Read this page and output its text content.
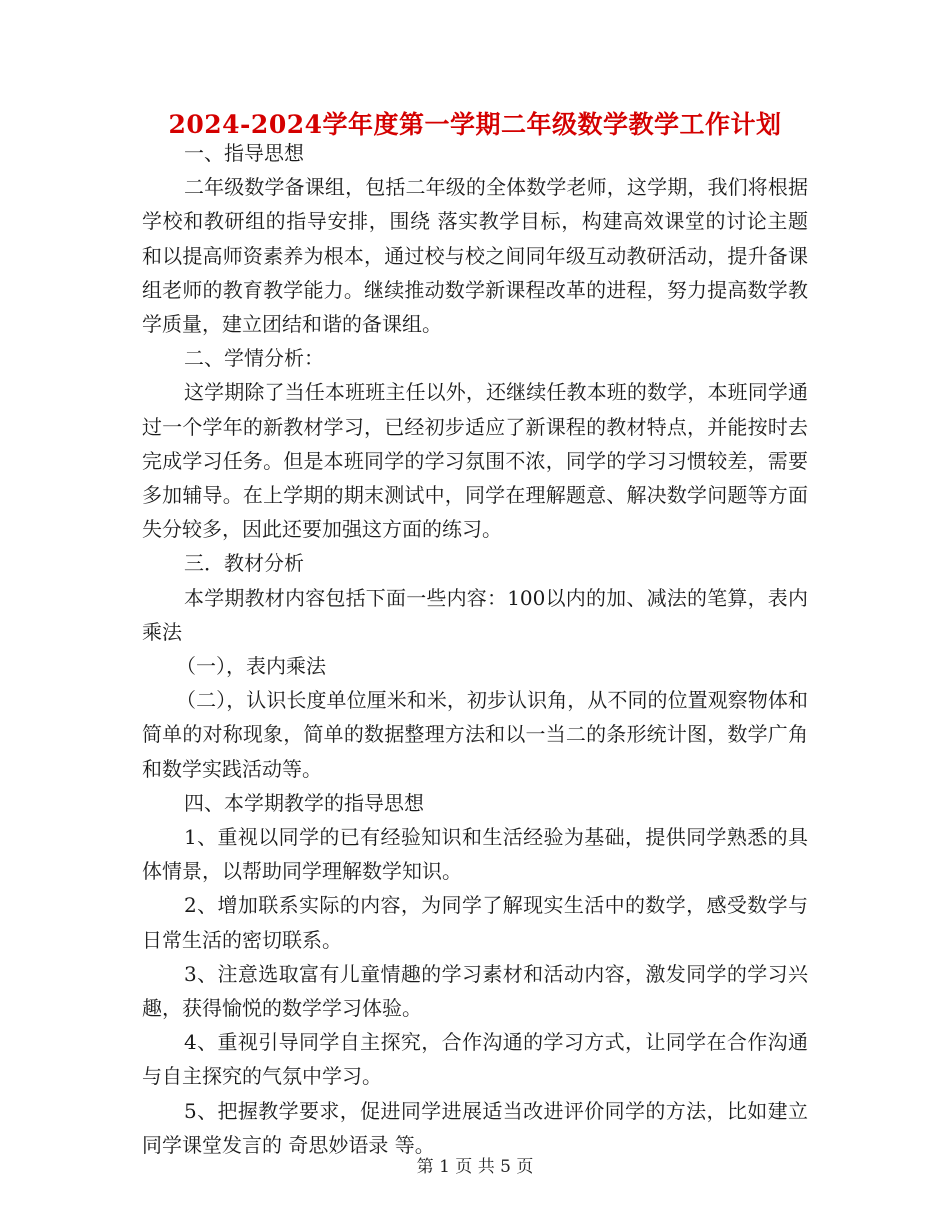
2024-2024学年度第一学期二年级数学教学工作计划

一、指导思想

二年级数学备课组，包括二年级的全体数学老师，这学期，我们将根据学校和教研组的指导安排，围绕 落实教学目标，构建高效课堂的讨论主题和以提高师资素养为根本，通过校与校之间同年级互动教研活动，提升备课组老师的教育教学能力。继续推动数学新课程改革的进程，努力提高数学教学质量，建立团结和谐的备课组。

二、学情分析：

这学期除了当任本班班主任以外，还继续任教本班的数学，本班同学通过一个学年的新教材学习，已经初步适应了新课程的教材特点，并能按时去完成学习任务。但是本班同学的学习氛围不浓，同学的学习习惯较差，需要多加辅导。在上学期的期末测试中，同学在理解题意、解决数学问题等方面失分较多，因此还要加强这方面的练习。

三．教材分析

本学期教材内容包括下面一些内容：100以内的加、减法的笔算，表内乘法

（一），表内乘法

（二），认识长度单位厘米和米，初步认识角，从不同的位置观察物体和简单的对称现象，简单的数据整理方法和以一当二的条形统计图，数学广角和数学实践活动等。

四、本学期教学的指导思想

1、重视以同学的已有经验知识和生活经验为基础，提供同学熟悉的具体情景，以帮助同学理解数学知识。

2、增加联系实际的内容，为同学了解现实生活中的数学，感受数学与日常生活的密切联系。

3、注意选取富有儿童情趣的学习素材和活动内容，激发同学的学习兴趣，获得愉悦的数学学习体验。

4、重视引导同学自主探究，合作沟通的学习方式，让同学在合作沟通与自主探究的气氛中学习。

5、把握教学要求，促进同学进展适当改进评价同学的方法，比如建立同学课堂发言的 奇思妙语录 等。

第 1 页 共 5 页
